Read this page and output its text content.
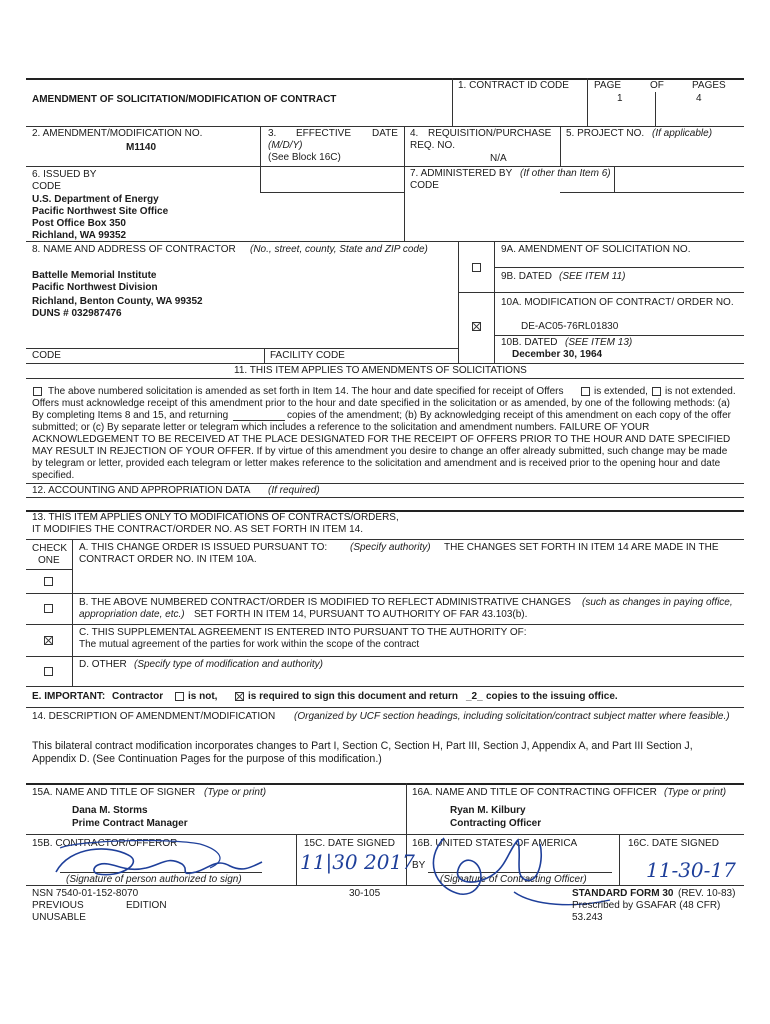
AMENDMENT OF SOLICITATION/MODIFICATION OF CONTRACT
1. CONTRACT ID CODE	PAGE	OF	PAGES
1	4
2. AMENDMENT/MODIFICATION NO.
M1140
3. EFFECTIVE DATE
(M/D/Y)
(See Block 16C)
4. REQUISITION/PURCHASE
REQ. NO.
N/A
5. PROJECT NO. (If applicable)
6. ISSUED BY
CODE
U.S. Department of Energy
Pacific Northwest Site Office
Post Office Box 350
Richland, WA 99352
7. ADMINISTERED BY (If other than Item 6)
CODE
8. NAME AND ADDRESS OF CONTRACTOR (No., street, county, State and ZIP code)
Battelle Memorial Institute
Pacific Northwest Division
Richland, Benton County, WA 99352
DUNS # 032987476
CODE	FACILITY CODE
9A. AMENDMENT OF SOLICITATION NO.
9B. DATED (SEE ITEM 11)
10A. MODIFICATION OF CONTRACT/ ORDER NO.
DE-AC05-76RL01830
10B. DATED (SEE ITEM 13)
December 30, 1964
11. THIS ITEM APPLIES TO AMENDMENTS OF SOLICITATIONS
The above numbered solicitation is amended as set forth in Item 14. The hour and date specified for receipt of Offers	is extended, is not extended.
Offers must acknowledge receipt of this amendment prior to the hour and date specified in the solicitation or as amended, by one of the following methods: (a)
By completing Items 8 and 15, and returning	copies of the amendment; (b) By acknowledging receipt of this amendment on each copy of the offer
submitted; or (c) By separate letter or telegram which includes a reference to the solicitation and amendment numbers. FAILURE OF YOUR
ACKNOWLEDGEMENT TO BE RECEIVED AT THE PLACE DESIGNATED FOR THE RECEIPT OF OFFERS PRIOR TO THE HOUR AND DATE SPECIFIED
MAY RESULT IN REJECTION OF YOUR OFFER. If by virtue of this amendment you desire to change an offer already submitted, such change may be made
by telegram or letter, provided each telegram or letter makes reference to the solicitation and amendment and is received prior to the opening hour and date
specified.
12. ACCOUNTING AND APPROPRIATION DATA (If required)
13. THIS ITEM APPLIES ONLY TO MODIFICATIONS OF CONTRACTS/ORDERS,
IT MODIFIES THE CONTRACT/ORDER NO. AS SET FORTH IN ITEM 14.
CHECK
ONE
A. THIS CHANGE ORDER IS ISSUED PURSUANT TO: (Specify authority) THE CHANGES SET FORTH IN ITEM 14 ARE MADE IN THE
CONTRACT ORDER NO. IN ITEM 10A.
B. THE ABOVE NUMBERED CONTRACT/ORDER IS MODIFIED TO REFLECT ADMINISTRATIVE CHANGES (such as changes in paying office,
appropriation date, etc.) SET FORTH IN ITEM 14, PURSUANT TO AUTHORITY OF FAR 43.103(b).
C. THIS SUPPLEMENTAL AGREEMENT IS ENTERED INTO PURSUANT TO THE AUTHORITY OF:
The mutual agreement of the parties for work within the scope of the contract
D. OTHER (Specify type of modification and authority)
E. IMPORTANT: Contractor is not,	is required to sign this document and return _2_ copies to the issuing office.
14. DESCRIPTION OF AMENDMENT/MODIFICATION (Organized by UCF section headings, including solicitation/contract subject matter where feasible.)
This bilateral contract modification incorporates changes to Part I, Section C, Section H, Part III, Section J, Appendix A, and Part III Section J,
Appendix D. (See Continuation Pages for the purpose of this modification.)
15A. NAME AND TITLE OF SIGNER (Type or print)
Dana M. Storms
Prime Contract Manager
16A. NAME AND TITLE OF CONTRACTING OFFICER (Type or print)
Ryan M. Kilbury
Contracting Officer
15B. CONTRACTOR/OFFEROR
(Signature of person authorized to sign)
15C. DATE SIGNED
11|30 2017
16B. UNITED STATES OF AMERICA
BY
(Signature of Contracting Officer)
16C. DATE SIGNED
11-30-17
NSN 7540-01-152-8070
PREVIOUS	EDITION
UNUSABLE
30-105	STANDARD FORM 30 (REV. 10-83)
Prescribed by GSAFAR (48 CFR)
53.243
